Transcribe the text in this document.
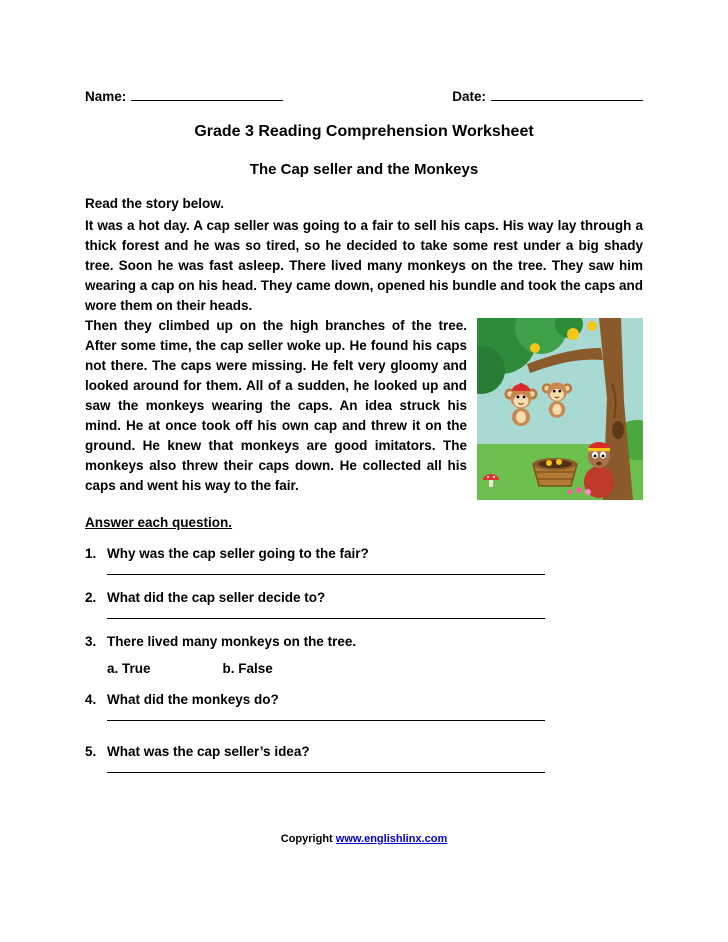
Name:	Date:
Grade 3 Reading Comprehension Worksheet
The Cap seller and the Monkeys

Read the story below.

It was a hot day. A cap seller was going to a fair to sell his caps. His way lay through a thick forest and he was so tired, so he decided to take some rest under a big shady tree. Soon he was fast asleep. There lived many monkeys on the tree. They saw him wearing a cap on his head. They came down, opened his bundle and took the caps and wore them on their heads.

Then they climbed up on the high branches of the tree. After some time, the cap seller woke up. He found his caps not there. The caps were missing. He felt very gloomy and looked around for them. All of a sudden, he looked up and saw the monkeys wearing the caps. An idea struck his mind. He at once took off his own cap and threw it on the ground. He knew that monkeys are good imitators. The monkeys also threw their caps down. He collected all his caps and went his way to the fair.
Answer each question.
1. Why was the cap seller going to the fair?
2. What did the cap seller decide to?
3. There lived many monkeys on the tree.
a. True	b. False
4. What did the monkeys do?
5. What was the cap seller’s idea?
Copyright www.englishlinx.com
